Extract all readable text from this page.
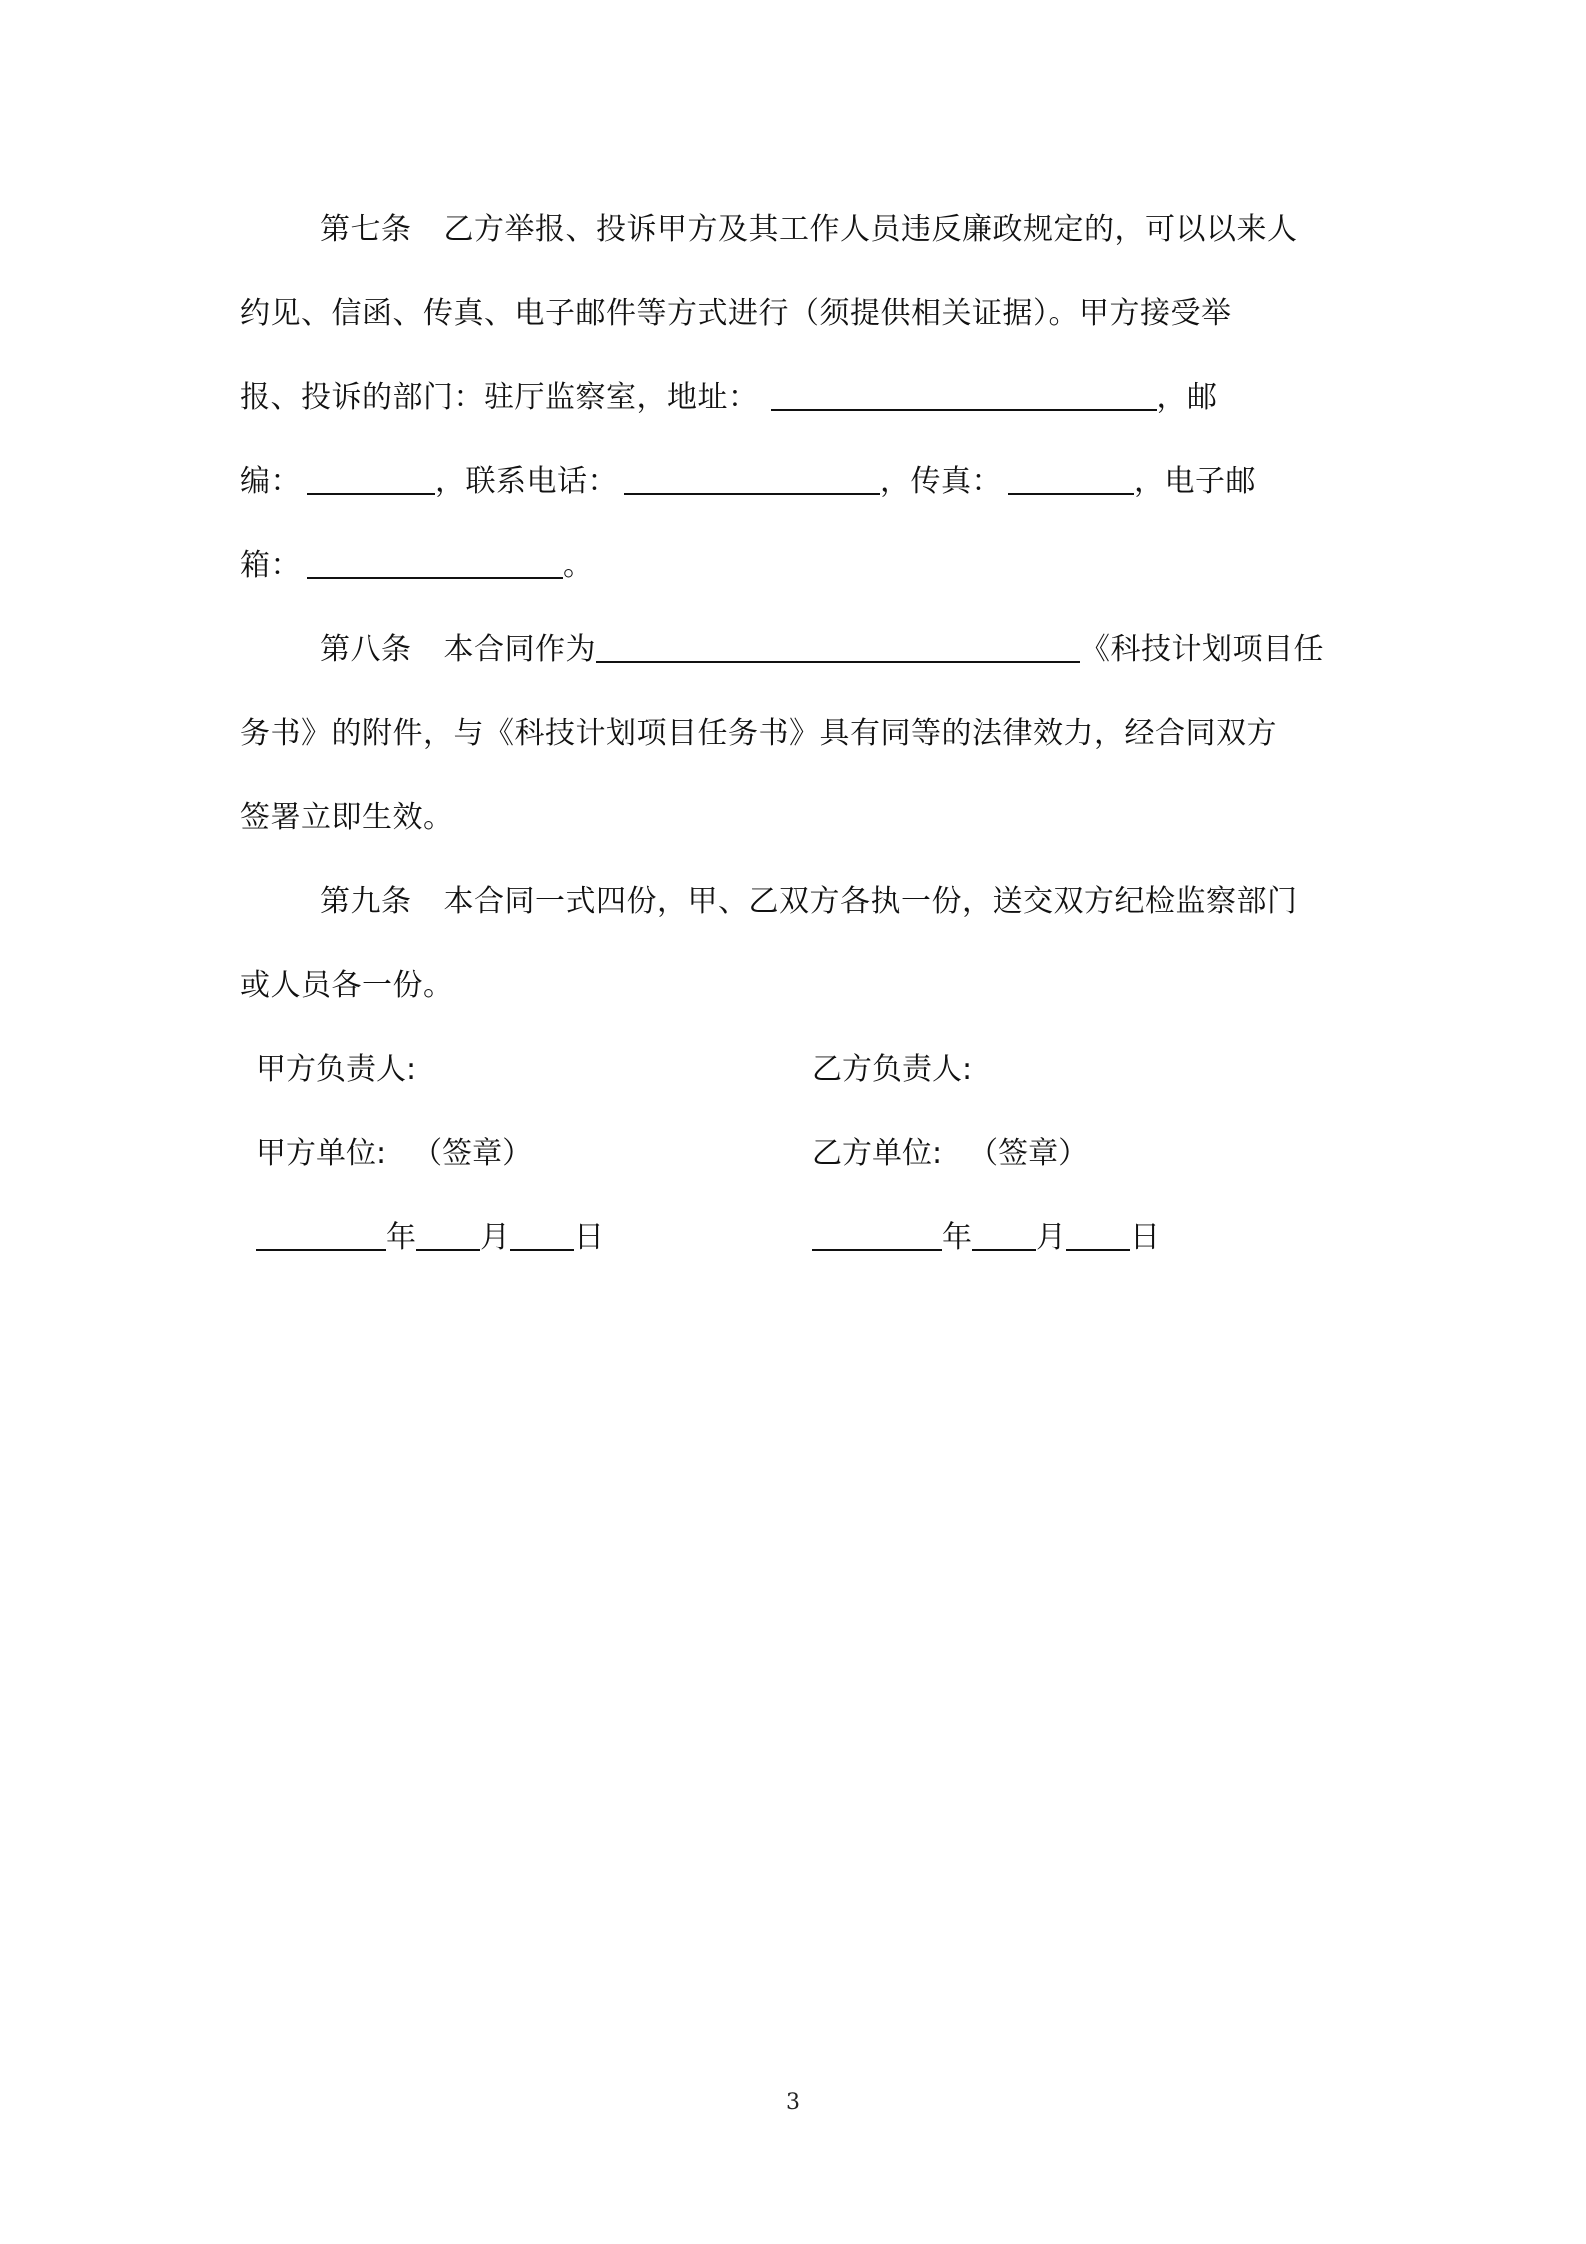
第七条 乙方举报、投诉甲方及其工作人员违反廉政规定的，可以以来人
约见、信函、传真、电子邮件等方式进行（须提供相关证据）。甲方接受举
报、投诉的部门：驻厅监察室，地址：	，邮
编：	，联系电话：	，传真：	，电子邮
箱：	。
第八条 本合同作为	《科技计划项目任
务书》的附件，与《科技计划项目任务书》具有同等的法律效力，经合同双方
签署立即生效。
第九条 本合同一式四份，甲、乙双方各执一份，送交双方纪检监察部门
或人员各一份。
甲方负责人:
甲方单位: （签章）
年 月 日
乙方负责人:
乙方单位: （签章）
年 月 日
3
